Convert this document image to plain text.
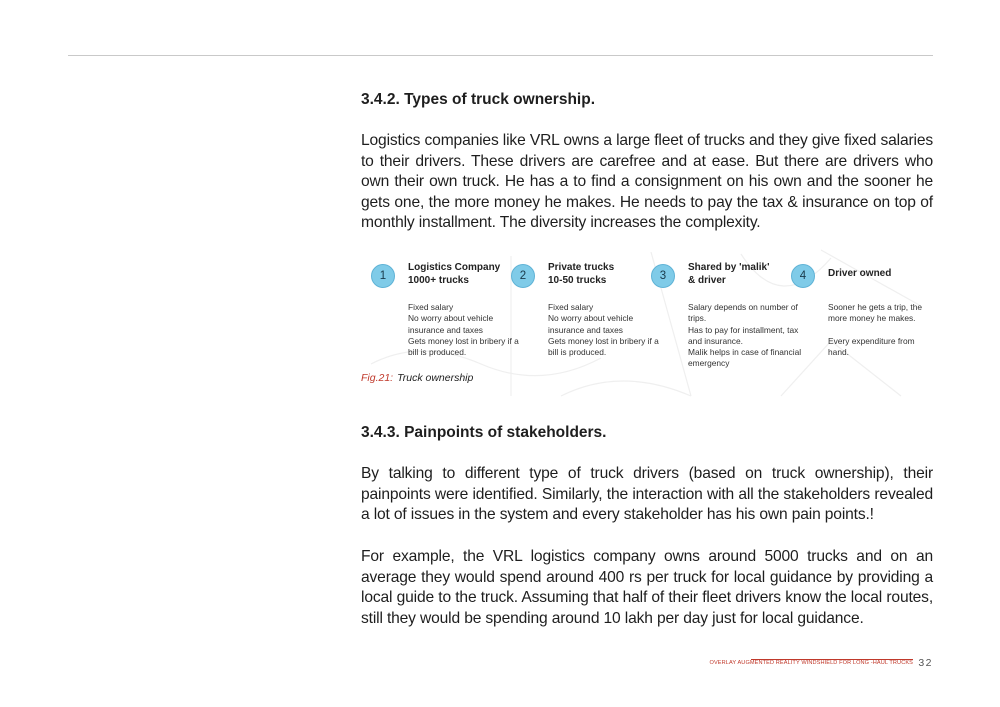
3.4.2. Types of truck ownership.

Logistics companies like VRL owns a large fleet of trucks and they give fixed salaries to their drivers. These drivers are carefree and at ease. But there are drivers who own their own truck. He has a to find a consignment on his own and the sooner he gets one, the more money he makes. He needs to pay the tax & insurance on top of monthly installment. The diversity increases the complexity.

1

Logistics Company
1000+ trucks

Fixed salary
No worry about vehicle
insurance and taxes
Gets money lost in bribery if a
bill is produced.

2

Private trucks
10-50 trucks

Fixed salary
No worry about vehicle
insurance and taxes
Gets money lost in bribery if a
bill is produced.

3

Shared by 'malik'
& driver

Salary depends on number of
trips.
Has to pay for installment, tax
and insurance.
Malik helps in case of financial
emergency

4	Driver owned

Sooner he gets a trip, the
more money he makes.
Every expenditure from
hand.

Fig.21: Truck ownership
3.4.3. Painpoints of stakeholders.

By talking to different type of truck drivers (based on truck ownership), their painpoints were identified. Similarly, the interaction with all the stakeholders revealed a lot of issues in the system and every stakeholder has his own pain points.!

For example, the VRL logistics company owns around 5000 trucks and on an average they would spend around 400 rs per truck for local guidance by providing a local guide to the truck. Assuming that half of their fleet drivers know the local routes, still they would be spending around 10 lakh per day just for local guidance.

OVERLAY AUGMENTED REALITY WINDSHIELD FOR LONG -HAUL TRUCKS 32
